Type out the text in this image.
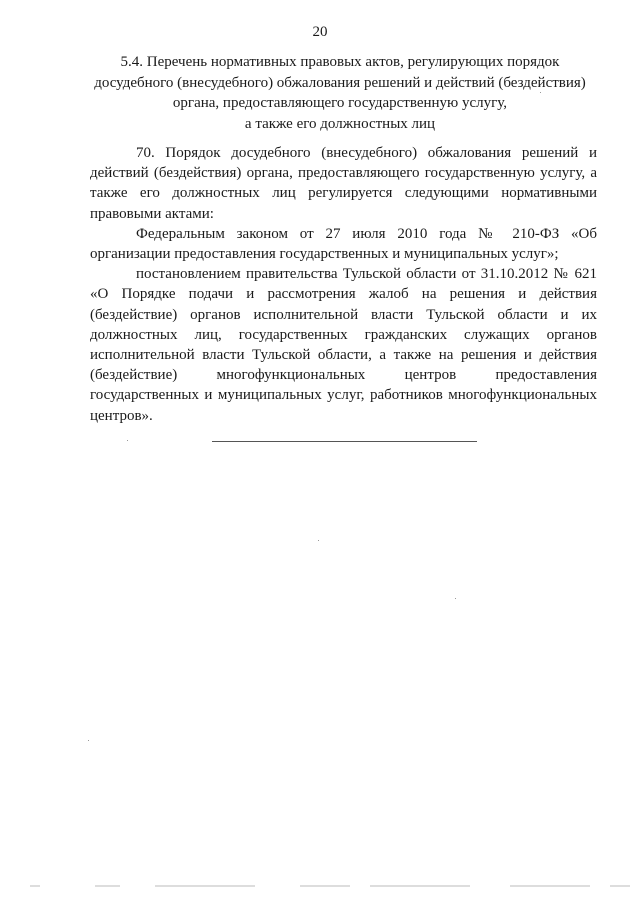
20
5.4. Перечень нормативных правовых актов, регулирующих порядок
досудебного (внесудебного) обжалования решений и действий (бездействия)
органа, предоставляющего государственную услугу,
а также его должностных лиц

70. Порядок досудебного (внесудебного) обжалования решений и действий (бездействия) органа, предоставляющего государственную услугу, а также его должностных лиц регулируется следующими нормативными правовыми актами:

Федеральным законом от 27 июля 2010 года № 210-ФЗ «Об организации предоставления государственных и муниципальных услуг»;

постановлением правительства Тульской области от 31.10.2012 № 621 «О Порядке подачи и рассмотрения жалоб на решения и действия (бездействие) органов исполнительной власти Тульской области и их должностных лиц, государственных гражданских служащих органов исполнительной власти Тульской области, а также на решения и действия (бездействие) многофункциональных центров предоставления государственных и муниципальных услуг, работников многофункциональных центров».
